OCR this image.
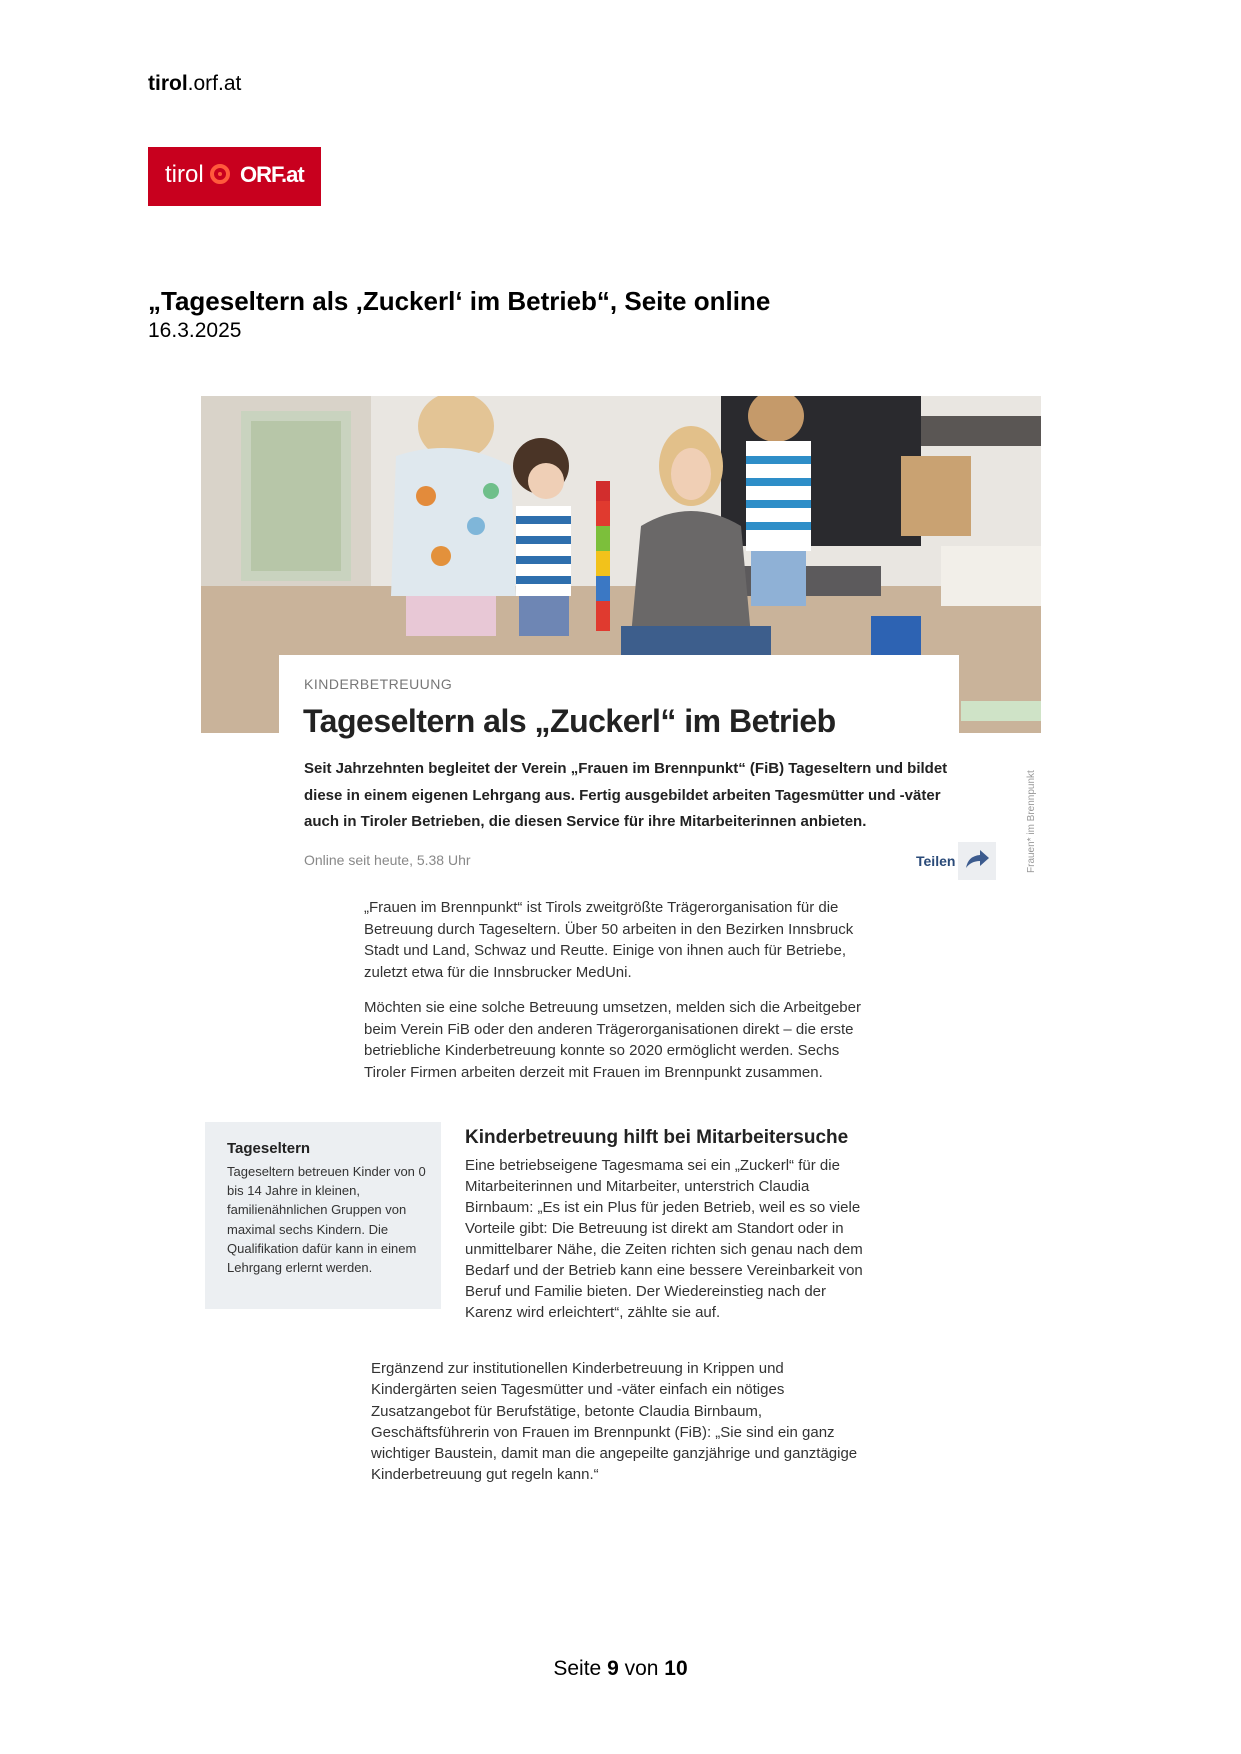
tirol.orf.at
tirol ORF.at
„Tageseltern als ‚Zuckerl‘ im Betrieb“, Seite online
16.3.2025
Frauen* im Brennpunkt
KINDERBETREUUNG
Tageseltern als „Zuckerl“ im Betrieb
Seit Jahrzehnten begleitet der Verein „Frauen im Brennpunkt“ (FiB) Tageseltern und bildet diese in einem eigenen Lehrgang aus. Fertig ausgebildet arbeiten Tagesmütter und -väter auch in Tiroler Betrieben, die diesen Service für ihre Mitarbeiterinnen anbieten.
Online seit heute, 5.38 Uhr	Teilen
„Frauen im Brennpunkt“ ist Tirols zweitgrößte Trägerorganisation für die Betreuung durch Tageseltern. Über 50 arbeiten in den Bezirken Innsbruck Stadt und Land, Schwaz und Reutte. Einige von ihnen auch für Betriebe, zuletzt etwa für die Innsbrucker MedUni.
Möchten sie eine solche Betreuung umsetzen, melden sich die Arbeitgeber beim Verein FiB oder den anderen Trägerorganisationen direkt – die erste betriebliche Kinderbetreuung konnte so 2020 ermöglicht werden. Sechs Tiroler Firmen arbeiten derzeit mit Frauen im Brennpunkt zusammen.
Tageseltern
Tageseltern betreuen Kinder von 0 bis 14 Jahre in kleinen, familienähnlichen Gruppen von maximal sechs Kindern. Die Qualifikation dafür kann in einem Lehrgang erlernt werden.
Kinderbetreuung hilft bei Mitarbeitersuche
Eine betriebseigene Tagesmama sei ein „Zuckerl“ für die Mitarbeiterinnen und Mitarbeiter, unterstrich Claudia Birnbaum: „Es ist ein Plus für jeden Betrieb, weil es so viele Vorteile gibt: Die Betreuung ist direkt am Standort oder in unmittelbarer Nähe, die Zeiten richten sich genau nach dem Bedarf und der Betrieb kann eine bessere Vereinbarkeit von Beruf und Familie bieten. Der Wiedereinstieg nach der Karenz wird erleichtert“, zählte sie auf.
Ergänzend zur institutionellen Kinderbetreuung in Krippen und Kindergärten seien Tagesmütter und -väter einfach ein nötiges Zusatzangebot für Berufstätige, betonte Claudia Birnbaum, Geschäftsführerin von Frauen im Brennpunkt (FiB): „Sie sind ein ganz wichtiger Baustein, damit man die angepeilte ganzjährige und ganztägige Kinderbetreuung gut regeln kann.“
Seite 9 von 10
